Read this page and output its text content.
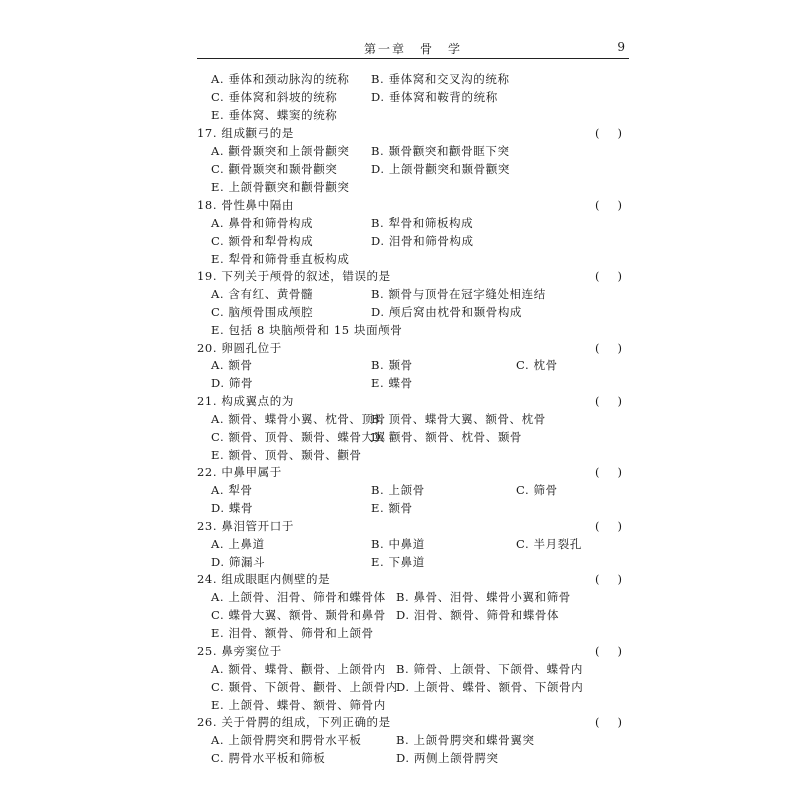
第一章　骨　学	9
A. 垂体和颈动脉沟的统称 B. 垂体窝和交叉沟的统称
C. 垂体窝和斜坡的统称	D. 垂体窝和鞍背的统称
E. 垂体窝、蝶窦的统称
17. 组成颧弓的是	()
A. 颧骨颞突和上颌骨颧突 B. 颞骨颧突和颧骨眶下突
C. 颧骨颞突和颞骨颧突	D. 上颌骨颧突和颞骨颧突
E. 上颌骨颧突和颧骨颧突
18. 骨性鼻中隔由	()
A. 鼻骨和筛骨构成	B. 犁骨和筛板构成
C. 额骨和犁骨构成	D. 泪骨和筛骨构成
E. 犁骨和筛骨垂直板构成
19. 下列关于颅骨的叙述，错误的是	()
A. 含有红、黄骨髓	B. 额骨与顶骨在冠字缝处相连结
C. 脑颅骨围成颅腔	D. 颅后窝由枕骨和颞骨构成
E. 包括 8 块脑颅骨和 15 块面颅骨
20. 卵圆孔位于	()
A. 额骨	B. 颞骨	C. 枕骨
D. 筛骨	E. 蝶骨
21. 构成翼点的为	()
A. 额骨、蝶骨小翼、枕骨、顶骨
B. 顶骨、蝶骨大翼、额骨、枕骨
C. 额骨、顶骨、颞骨、蝶骨大翼
D. 颧骨、额骨、枕骨、颞骨
E. 额骨、顶骨、颞骨、颧骨
22. 中鼻甲属于	()
A. 犁骨	B. 上颌骨	C. 筛骨
D. 蝶骨	E. 额骨
23. 鼻泪管开口于	()
A. 上鼻道	B. 中鼻道	C. 半月裂孔
D. 筛漏斗	E. 下鼻道
24. 组成眼眶内侧壁的是	()
A. 上颌骨、泪骨、筛骨和蝶骨体 B. 鼻骨、泪骨、蝶骨小翼和筛骨
C. 蝶骨大翼、额骨、颞骨和鼻骨 D. 泪骨、额骨、筛骨和蝶骨体
E. 泪骨、额骨、筛骨和上颌骨
25. 鼻旁窦位于	()
A. 额骨、蝶骨、颧骨、上颌骨内 B. 筛骨、上颌骨、下颌骨、蝶骨内
C. 颞骨、下颌骨、颧骨、上颌骨内
D. 上颌骨、蝶骨、额骨、下颌骨内
E. 上颌骨、蝶骨、额骨、筛骨内
26. 关于骨腭的组成，下列正确的是	()
A. 上颌骨腭突和腭骨水平板	B. 上颌骨腭突和蝶骨翼突
C. 腭骨水平板和筛板	D. 两侧上颌骨腭突
